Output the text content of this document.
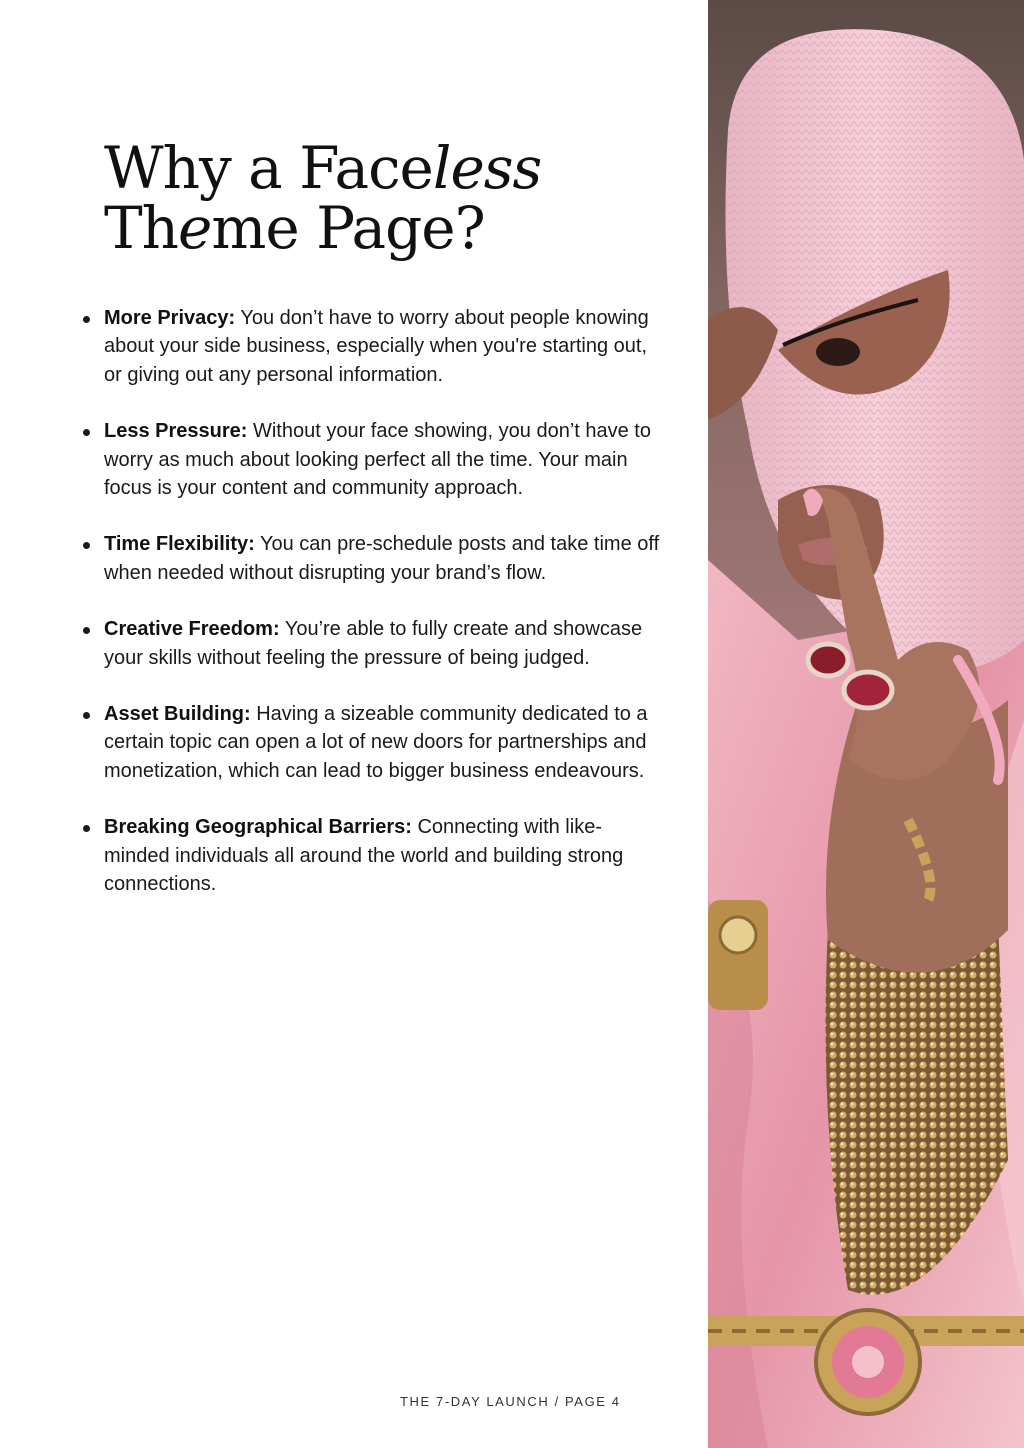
Why a Faceless
Theme Page?
More Privacy: You don’t have to worry about people knowing about your side business, especially when you're starting out, or giving out any personal information.
Less Pressure: Without your face showing, you don’t have to worry as much about looking perfect all the time. Your main focus is your content and community approach.
Time Flexibility: You can pre-schedule posts and take time off when needed without disrupting your brand’s flow.
Creative Freedom: You’re able to fully create and showcase your skills without feeling the pressure of being judged.
Asset Building: Having a sizeable community dedicated to a certain topic can open a lot of new doors for partnerships and monetization, which can lead to bigger business endeavours.
Breaking Geographical Barriers: Connecting with like-minded individuals all around the world and building strong connections.
THE 7-DAY LAUNCH / PAGE 4
